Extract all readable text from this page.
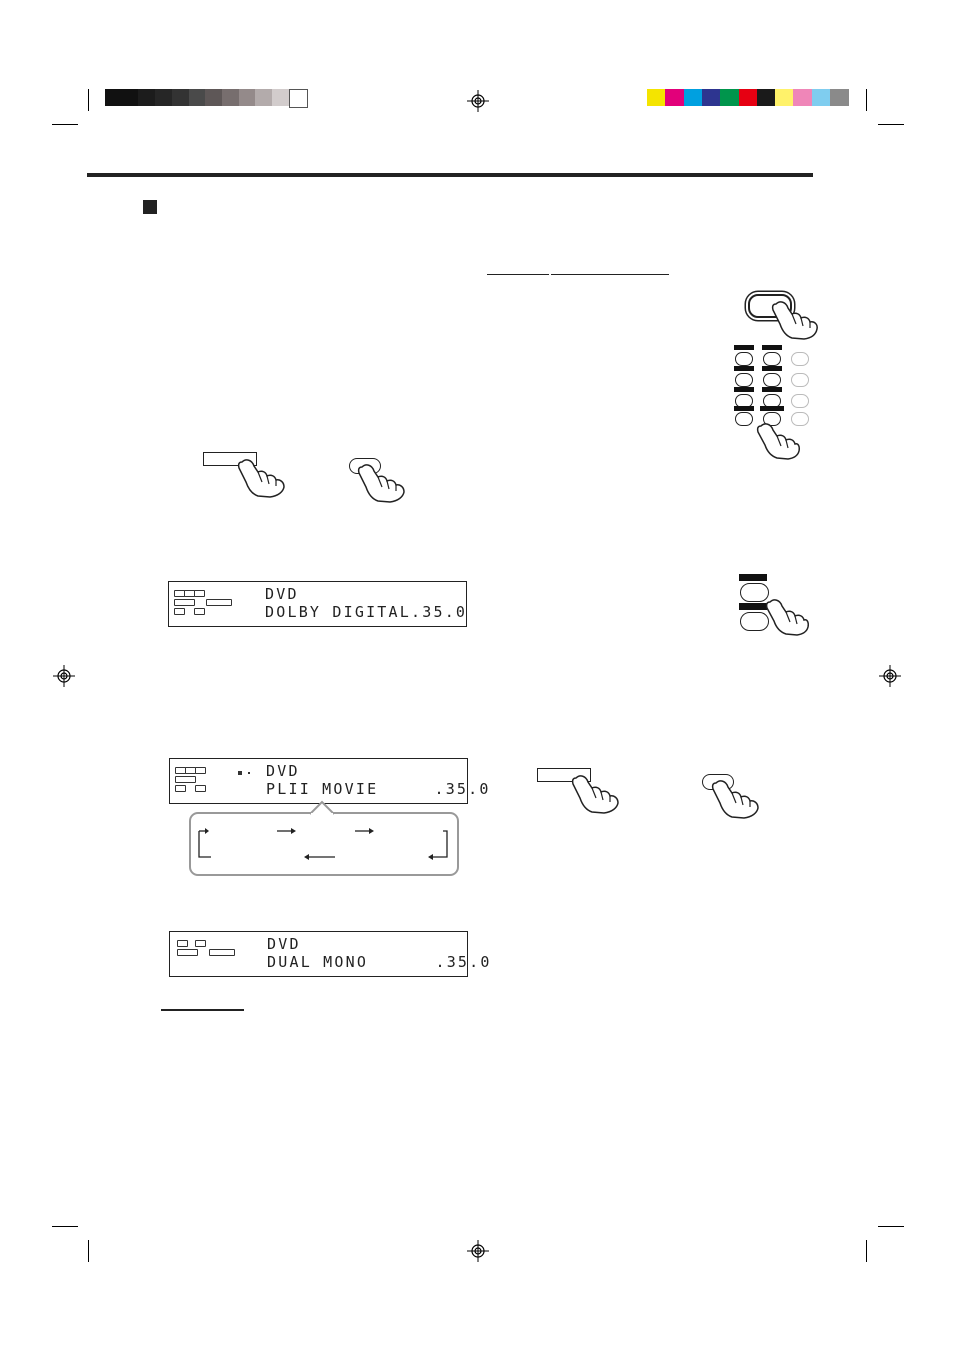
DVD
DOLBY DIGITAL.35.0
DVD
PLII MOVIE     .35.0
DVD
DUAL MONO      .35.0
